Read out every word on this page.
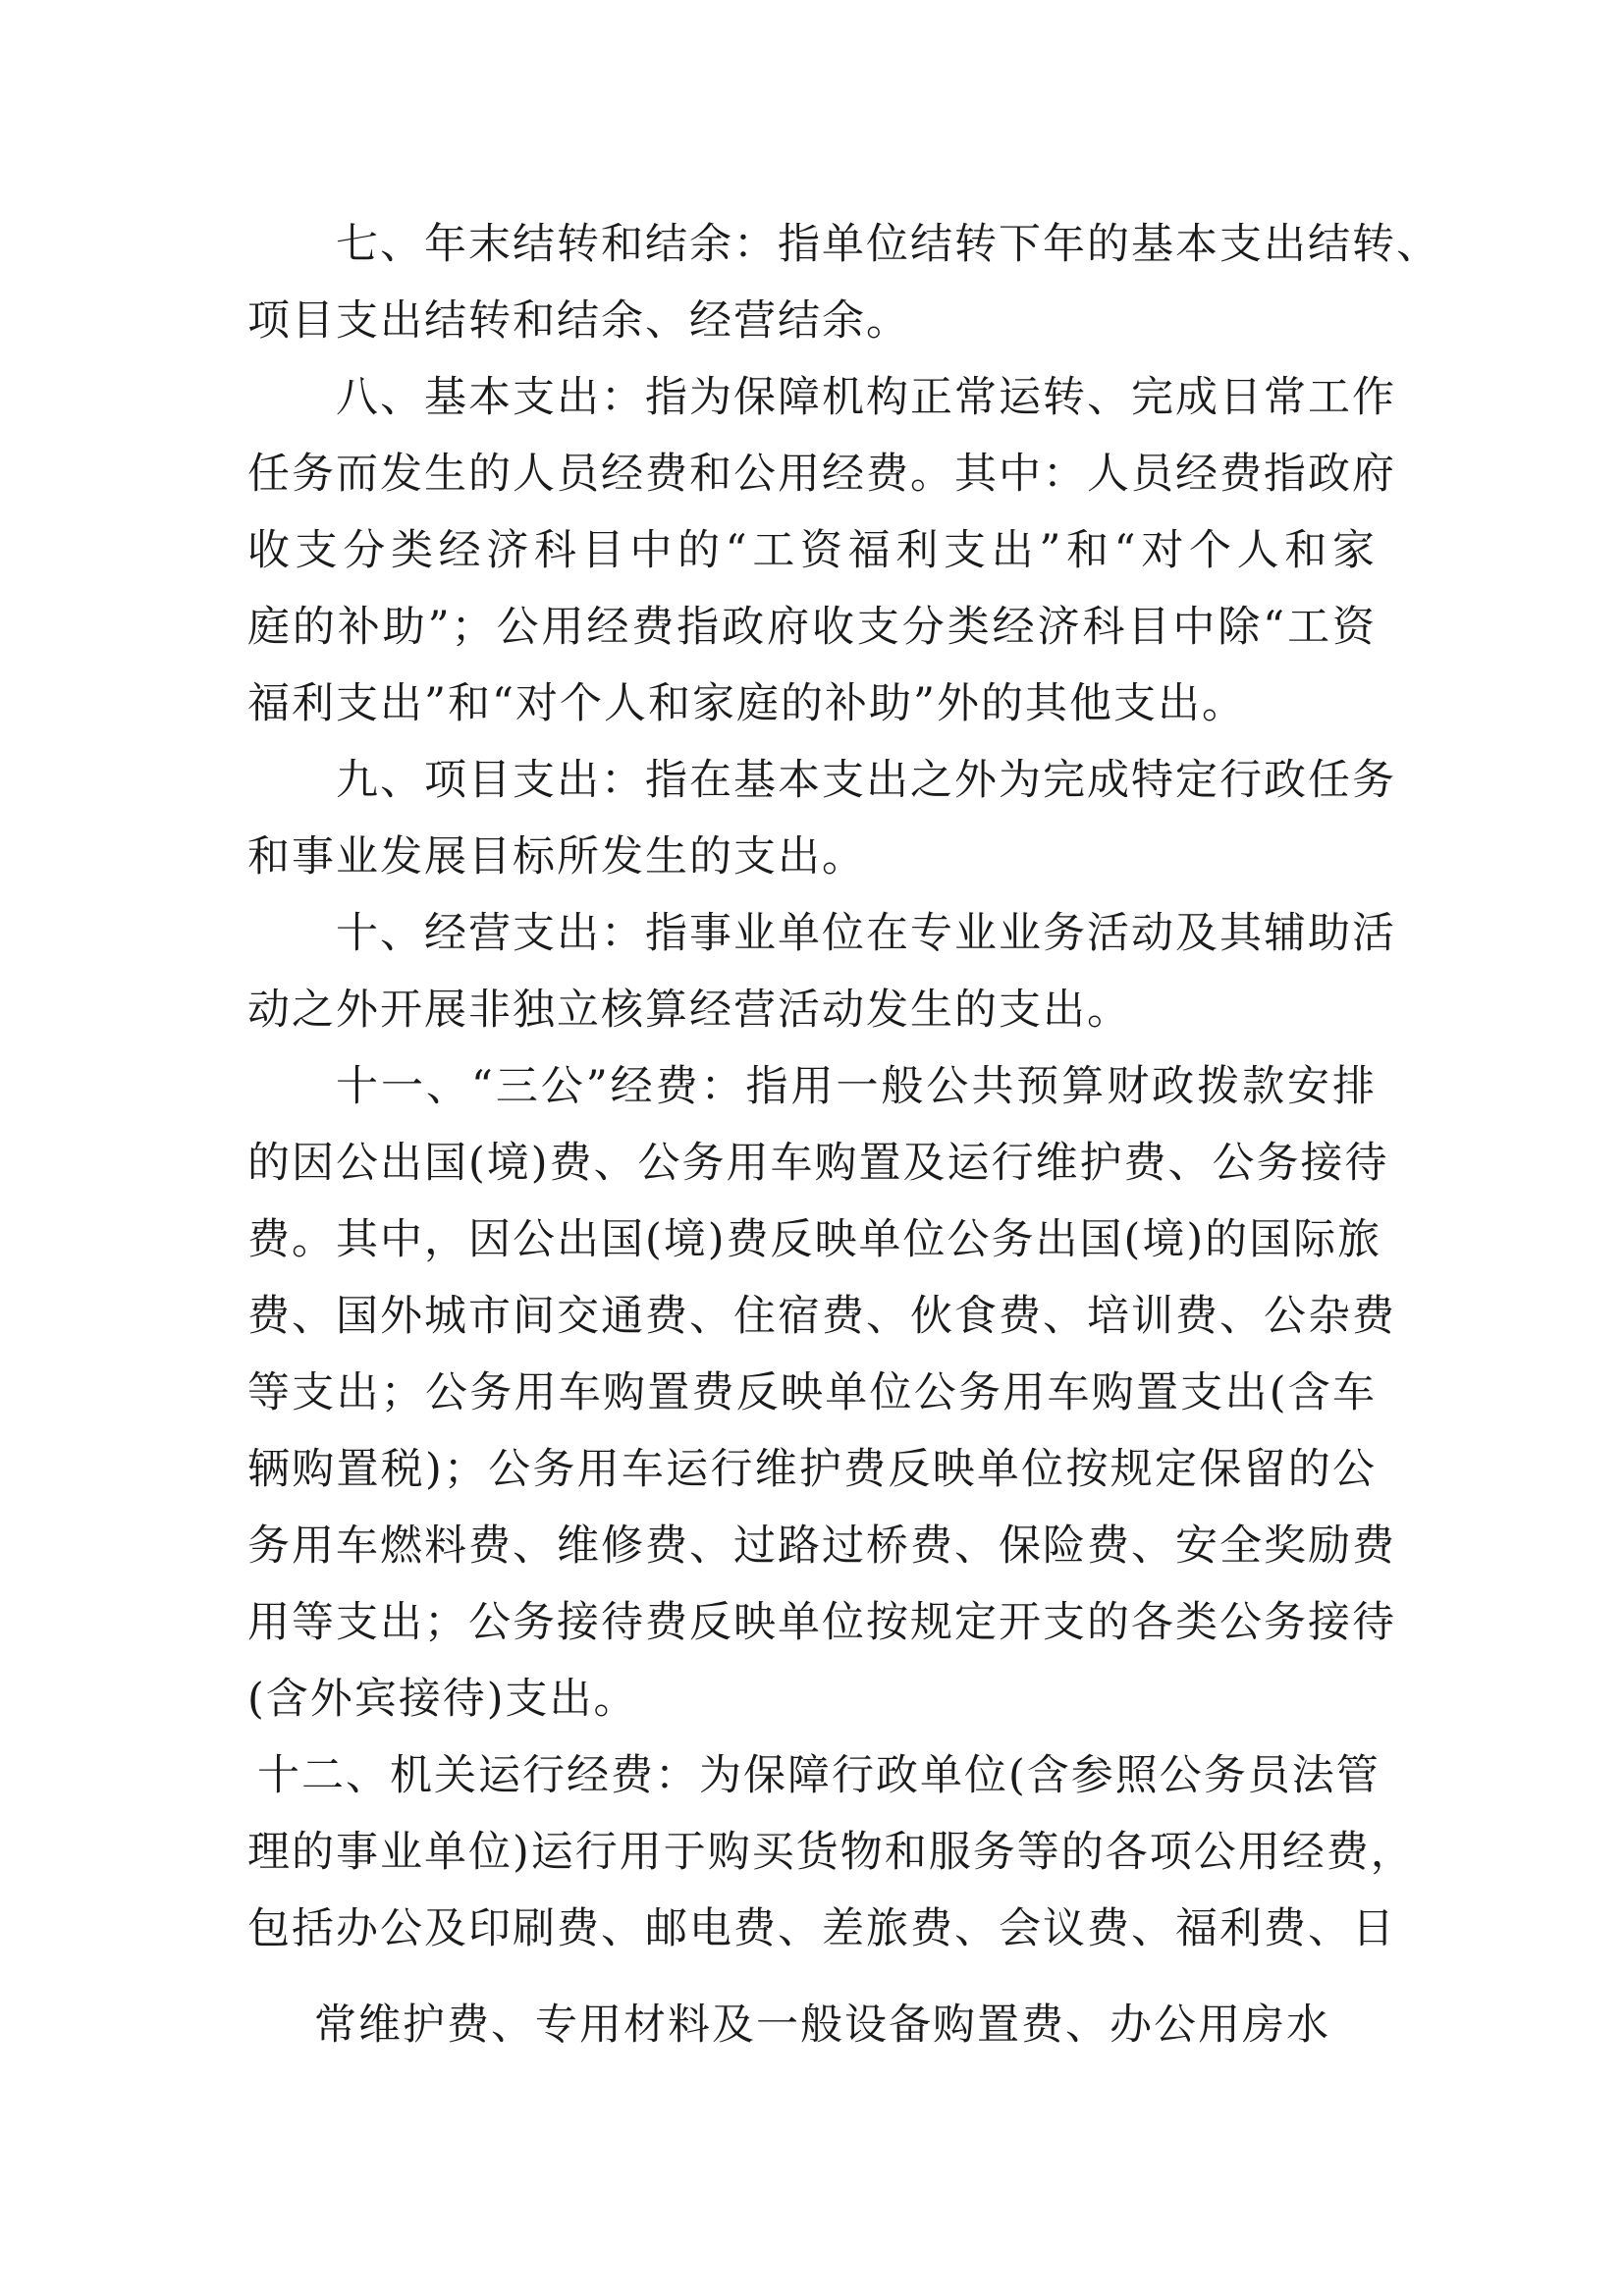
七、年末结转和结余：指单位结转下年的基本支出结转、
项目支出结转和结余、经营结余。
八、基本支出：指为保障机构正常运转、完成日常工作
任务而发生的人员经费和公用经费。其中：人员经费指政府
收支分类经济科目中的“工资福利支出”和“对个人和家
庭的补助”；公用经费指政府收支分类经济科目中除“工资
福利支出”和“对个人和家庭的补助”外的其他支出。
九、项目支出：指在基本支出之外为完成特定行政任务
和事业发展目标所发生的支出。
十、经营支出：指事业单位在专业业务活动及其辅助活
动之外开展非独立核算经营活动发生的支出。
十一、“三公”经费：指用一般公共预算财政拨款安排
的因公出国(境)费、公务用车购置及运行维护费、公务接待
费。其中，因公出国(境)费反映单位公务出国(境)的国际旅
费、国外城市间交通费、住宿费、伙食费、培训费、公杂费
等支出；公务用车购置费反映单位公务用车购置支出(含车
辆购置税)；公务用车运行维护费反映单位按规定保留的公
务用车燃料费、维修费、过路过桥费、保险费、安全奖励费
用等支出；公务接待费反映单位按规定开支的各类公务接待
(含外宾接待)支出。
十二、机关运行经费：为保障行政单位(含参照公务员法管
理的事业单位)运行用于购买货物和服务等的各项公用经费，
包括办公及印刷费、邮电费、差旅费、会议费、福利费、日
常维护费、专用材料及一般设备购置费、办公用房水
